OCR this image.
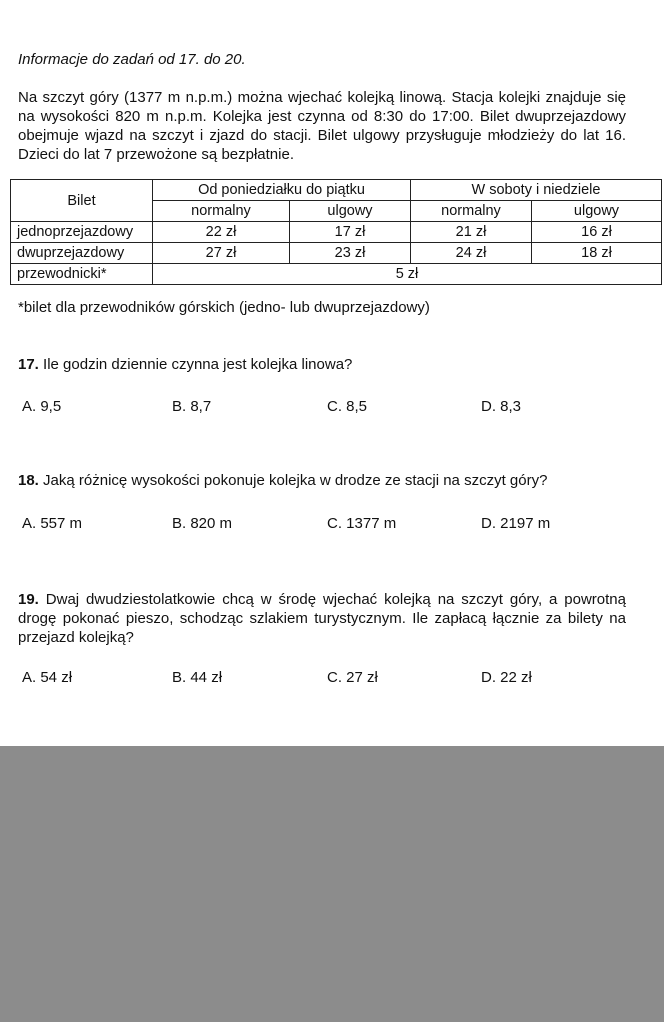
Informacje do zadań od 17. do 20.
Na szczyt góry (1377 m n.p.m.) można wjechać kolejką linową. Stacja kolejki znajduje się na wysokości 820 m n.p.m. Kolejka jest czynna od 8:30 do 17:00. Bilet dwuprzejazdowy obejmuje wjazd na szczyt i zjazd do stacji. Bilet ulgowy przysługuje młodzieży do lat 16. Dzieci do lat 7 przewożone są bezpłatnie.
Bilet	Od poniedziałku do piątku		W soboty i niedziele	
	normalny	ulgowy	normalny	ulgowy
jednoprzejazdowy	22 zł	17 zł	21 zł	16 zł
dwuprzejazdowy	27 zł	23 zł	24 zł	18 zł
przewodnicki*	5 zł			
*bilet dla przewodników górskich (jedno- lub dwuprzejazdowy)
17. Ile godzin dziennie czynna jest kolejka linowa?
A. 9,5	B. 8,7	C. 8,5	D. 8,3
18. Jaką różnicę wysokości pokonuje kolejka w drodze ze stacji na szczyt góry?
A. 557 m	B. 820 m	C. 1377 m	D. 2197 m
19. Dwaj dwudziestolatkowie chcą w środę wjechać kolejką na szczyt góry, a powrotną drogę pokonać pieszo, schodząc szlakiem turystycznym. Ile zapłacą łącznie za bilety na przejazd kolejką?
A. 54 zł	B. 44 zł	C. 27 zł	D. 22 zł
